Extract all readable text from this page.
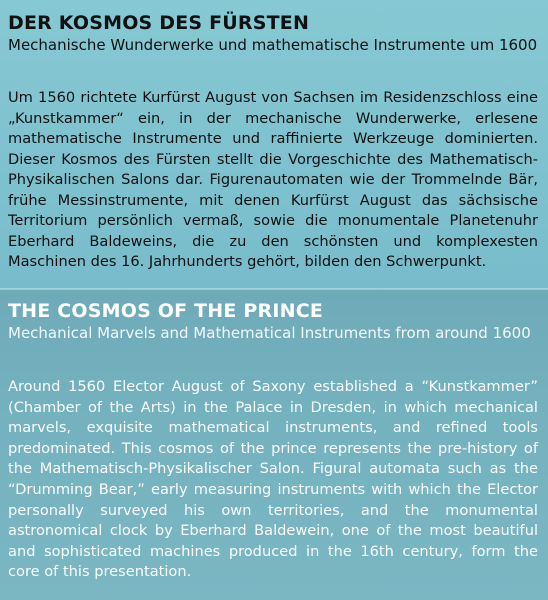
DER KOSMOS DES FÜRSTEN

Mechanische Wunderwerke und mathematische Instrumente um 1600

Um 1560 richtete Kurfürst August von Sachsen im Residenzschloss eine „Kunstkammer“ ein, in der mechanische Wunderwerke, erlesene mathematische Instrumente und raffinierte Werkzeuge dominierten. Dieser Kosmos des Fürsten stellt die Vorgeschichte des Mathematisch-Physikalischen Salons dar. Figurenautomaten wie der Trommelnde Bär, frühe Messinstrumente, mit denen Kurfürst August das sächsische Territorium persönlich vermaß, sowie die monumentale Planetenuhr Eberhard Baldeweins, die zu den schönsten und komplexesten Maschinen des 16. Jahrhunderts gehört, bilden den Schwerpunkt.

THE COSMOS OF THE PRINCE

Mechanical Marvels and Mathematical Instruments from around 1600

Around 1560 Elector August of Saxony established a “Kunstkammer” (Chamber of the Arts) in the Palace in Dresden, in which mechanical marvels, exquisite mathematical instruments, and refined tools predominated. This cosmos of the prince represents the pre-history of the Mathematisch-Physikalischer Salon. Figural automata such as the “Drumming Bear,” early measuring instruments with which the Elector personally surveyed his own territories, and the monumental astronomical clock by Eberhard Baldewein, one of the most beautiful and sophisticated machines produced in the 16th century, form the core of this presentation.
